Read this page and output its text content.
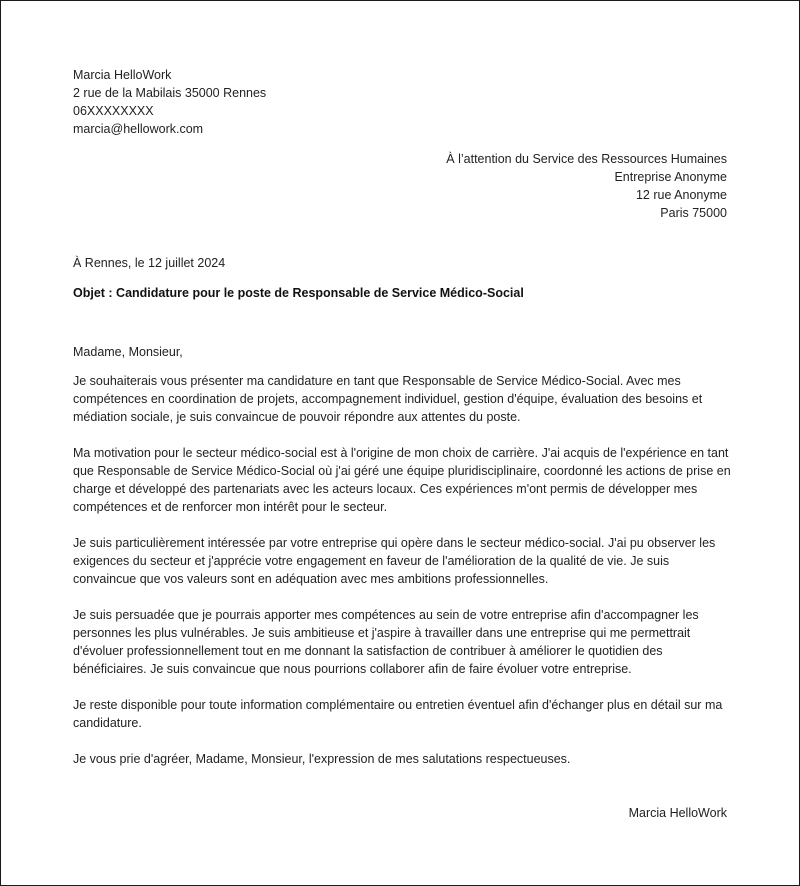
Marcia HelloWork
2 rue de la Mabilais 35000 Rennes
06XXXXXXXX
marcia@hellowork.com
À l’attention du Service des Ressources Humaines
Entreprise Anonyme
12 rue Anonyme
Paris 75000
À Rennes, le 12 juillet 2024
Objet : Candidature pour le poste de Responsable de Service Médico-Social
Madame, Monsieur,

Je souhaiterais vous présenter ma candidature en tant que Responsable de Service Médico-Social. Avec mes compétences en coordination de projets, accompagnement individuel, gestion d'équipe, évaluation des besoins et médiation sociale, je suis convaincue de pouvoir répondre aux attentes du poste.

Ma motivation pour le secteur médico-social est à l'origine de mon choix de carrière. J'ai acquis de l'expérience en tant que Responsable de Service Médico-Social où j'ai géré une équipe pluridisciplinaire, coordonné les actions de prise en charge et développé des partenariats avec les acteurs locaux. Ces expériences m'ont permis de développer mes compétences et de renforcer mon intérêt pour le secteur.

Je suis particulièrement intéressée par votre entreprise qui opère dans le secteur médico-social. J'ai pu observer les exigences du secteur et j'apprécie votre engagement en faveur de l'amélioration de la qualité de vie. Je suis convaincue que vos valeurs sont en adéquation avec mes ambitions professionnelles.

Je suis persuadée que je pourrais apporter mes compétences au sein de votre entreprise afin d'accompagner les personnes les plus vulnérables. Je suis ambitieuse et j'aspire à travailler dans une entreprise qui me permettrait d'évoluer professionnellement tout en me donnant la satisfaction de contribuer à améliorer le quotidien des bénéficiaires. Je suis convaincue que nous pourrions collaborer afin de faire évoluer votre entreprise.

Je reste disponible pour toute information complémentaire ou entretien éventuel afin d'échanger plus en détail sur ma candidature.

Je vous prie d'agréer, Madame, Monsieur, l'expression de mes salutations respectueuses.
Marcia HelloWork
